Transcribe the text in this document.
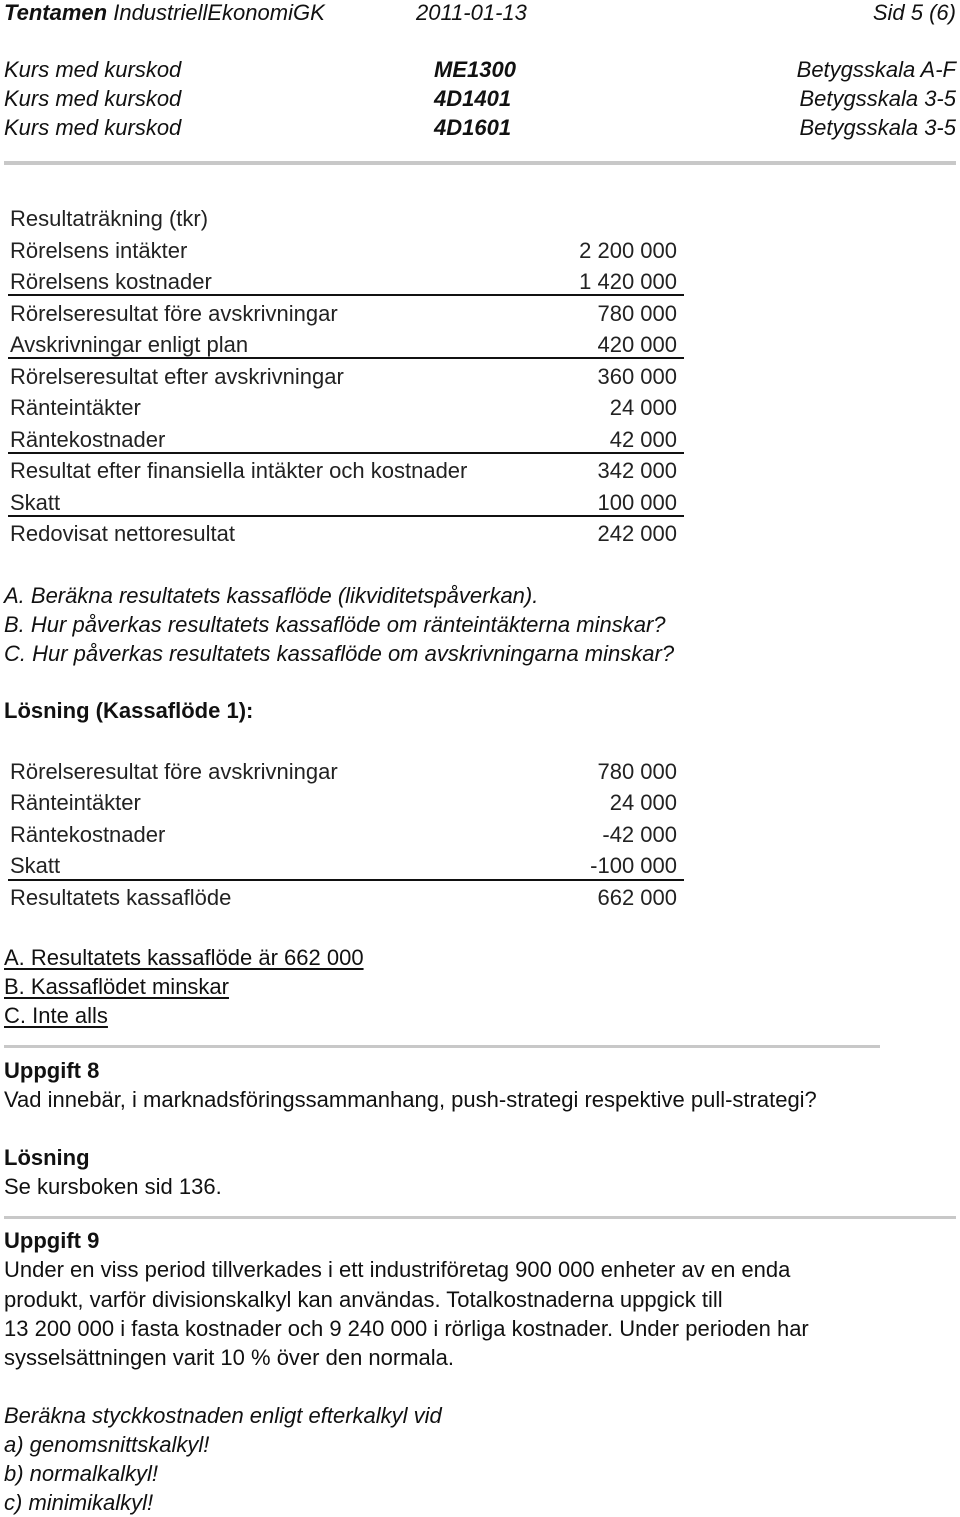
Tentamen IndustriellEkonomiGK	2011-01-13	Sid 5 (6)
Kurs med kurskod	ME1300	Betygsskala A-F
Kurs med kurskod	4D1401	Betygsskala 3-5
Kurs med kurskod	4D1601	Betygsskala 3-5
Resultaträkning (tkr)
Rörelsens intäkter	2 200 000
Rörelsens kostnader	1 420 000
Rörelseresultat före avskrivningar	780 000
Avskrivningar enligt plan	420 000
Rörelseresultat efter avskrivningar	360 000
Ränteintäkter	24 000
Räntekostnader	42 000
Resultat efter finansiella intäkter och kostnader	342 000
Skatt	100 000
Redovisat nettoresultat	242 000
A. Beräkna resultatets kassaflöde (likviditetspåverkan).
B. Hur påverkas resultatets kassaflöde om ränteintäkterna minskar?
C. Hur påverkas resultatets kassaflöde om avskrivningarna minskar?
Lösning (Kassaflöde 1):
Rörelseresultat före avskrivningar	780 000
Ränteintäkter	24 000
Räntekostnader	-42 000
Skatt	-100 000
Resultatets kassaflöde	662 000
A. Resultatets kassaflöde är 662 000
B. Kassaflödet minskar
C. Inte alls
Uppgift 8
Vad innebär, i marknadsföringssammanhang, push-strategi respektive pull-strategi?
Lösning
Se kursboken sid 136.
Uppgift 9
Under en viss period tillverkades i ett industriföretag 900 000 enheter av en enda
produkt, varför divisionskalkyl kan användas. Totalkostnaderna uppgick till
13 200 000 i fasta kostnader och 9 240 000 i rörliga kostnader. Under perioden har
sysselsättningen varit 10 % över den normala.
Beräkna styckkostnaden enligt efterkalkyl vid
a) genomsnittskalkyl!
b) normalkalkyl!
c) minimikalkyl!
